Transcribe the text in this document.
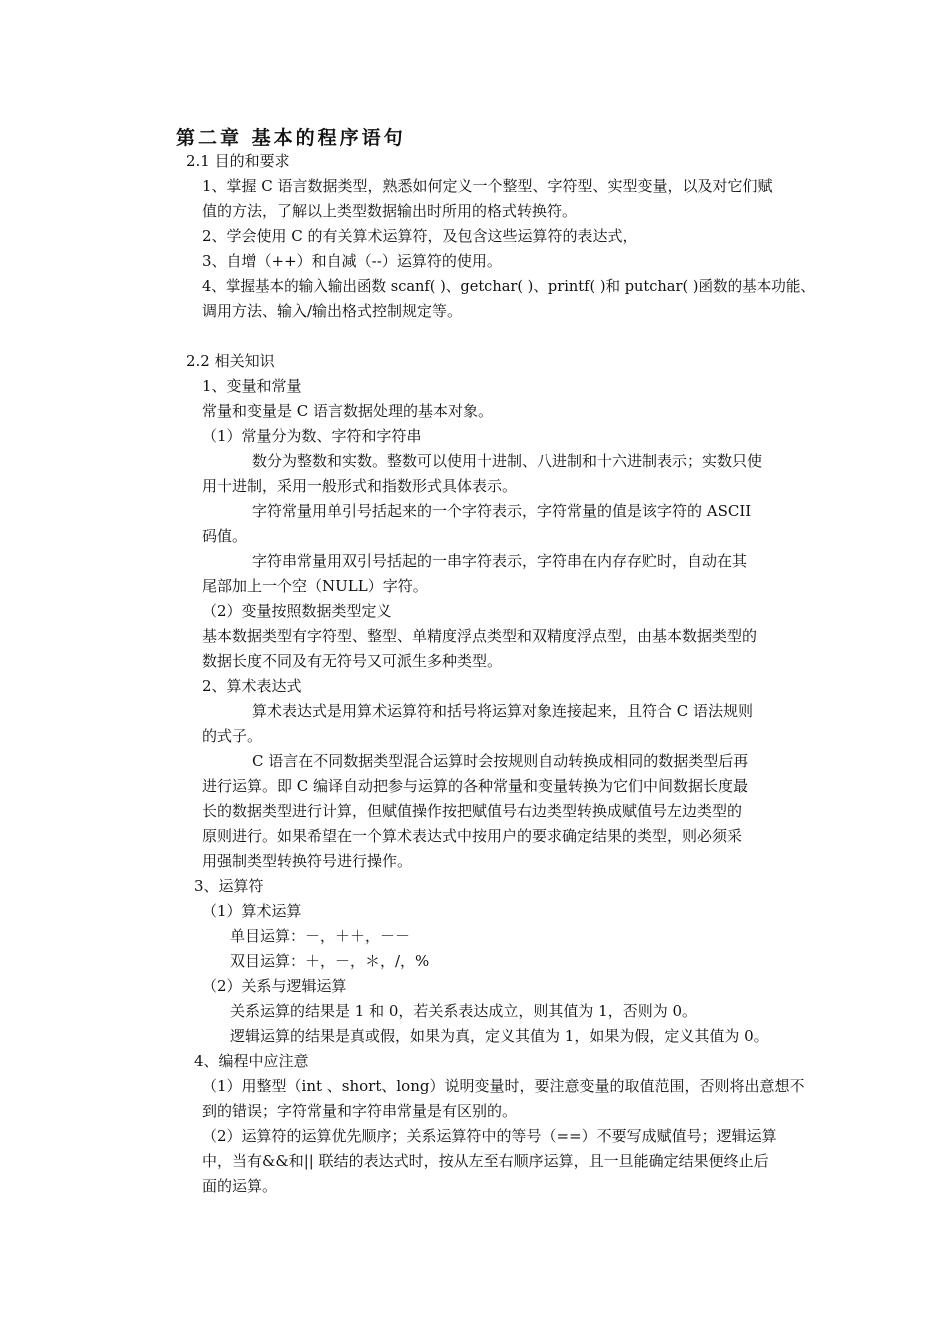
第二章 基本的程序语句
2.1 目的和要求
1、掌握 C 语言数据类型，熟悉如何定义一个整型、字符型、实型变量，以及对它们赋
值的方法，了解以上类型数据输出时所用的格式转换符。
2、学会使用 C 的有关算术运算符，及包含这些运算符的表达式，
3、自增（++）和自减（--）运算符的使用。
4、掌握基本的输入输出函数 scanf( )、getchar( )、printf( )和 putchar( )函数的基本功能、
调用方法、输入/输出格式控制规定等。
2.2 相关知识
1、变量和常量
常量和变量是 C 语言数据处理的基本对象。
（1）常量分为数、字符和字符串
数分为整数和实数。整数可以使用十进制、八进制和十六进制表示；实数只使
用十进制，采用一般形式和指数形式具体表示。
字符常量用单引号括起来的一个字符表示，字符常量的值是该字符的 ASCII
码值。
字符串常量用双引号括起的一串字符表示，字符串在内存存贮时，自动在其
尾部加上一个空（NULL）字符。
（2）变量按照数据类型定义
基本数据类型有字符型、整型、单精度浮点类型和双精度浮点型，由基本数据类型的
数据长度不同及有无符号又可派生多种类型。
2、算术表达式
算术表达式是用算术运算符和括号将运算对象连接起来，且符合 C 语法规则
的式子。
C 语言在不同数据类型混合运算时会按规则自动转换成相同的数据类型后再
进行运算。即 C 编译自动把参与运算的各种常量和变量转换为它们中间数据长度最
长的数据类型进行计算，但赋值操作按把赋值号右边类型转换成赋值号左边类型的
原则进行。如果希望在一个算术表达式中按用户的要求确定结果的类型，则必须采
用强制类型转换符号进行操作。
3、运算符
（1）算术运算
单目运算：－，＋＋，－－
双目运算：＋，－，＊，/，%
（2）关系与逻辑运算
关系运算的结果是 1 和 0，若关系表达成立，则其值为 1，否则为 0。
逻辑运算的结果是真或假，如果为真，定义其值为 1，如果为假，定义其值为 0。
4、编程中应注意
（1）用整型（int 、short、long）说明变量时，要注意变量的取值范围，否则将出意想不
到的错误；字符常量和字符串常量是有区别的。
（2）运算符的运算优先顺序；关系运算符中的等号（==）不要写成赋值号；逻辑运算
中，当有&&和|| 联结的表达式时，按从左至右顺序运算，且一旦能确定结果便终止后
面的运算。
